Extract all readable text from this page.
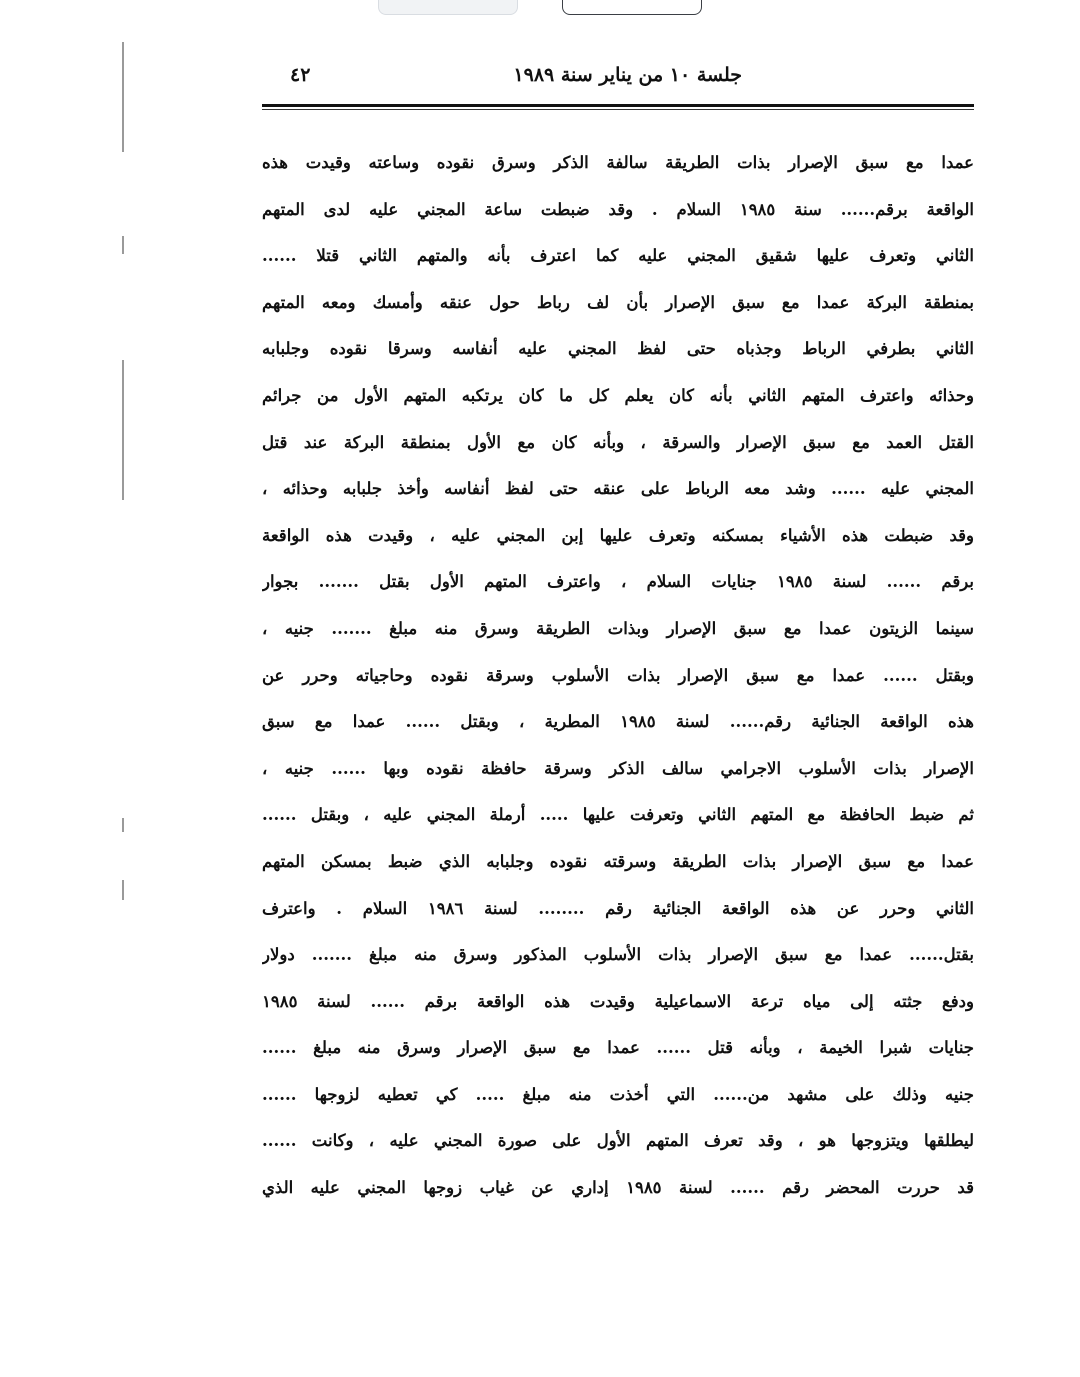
٤٢	جلسة ١٠ من يناير سنة ١٩٨٩
عمدا مع سبق الإصرار بذات الطريقة سالفة الذكر وسرق نقوده وساعته وقيدت هذه
الواقعة برقم...... سنة ١٩٨٥ السلام . وقد ضبطت ساعة المجني عليه لدى المتهم
الثاني وتعرف عليها شقيق المجني عليه كما اعترف بأنه والمتهم الثاني قتلا ......
بمنطقة البركة عمدا مع سبق الإصرار بأن لف رباط حول عنقه وأمسك ومعه المتهم
الثاني بطرفي الرباط وجذباه حتى لفظ المجني عليه أنفاسه وسرقا نقوده وجلبابه
وحذائه واعترف المتهم الثاني بأنه كان يعلم كل ما كان يرتكبه المتهم الأول من جرائم
القتل العمد مع سبق الإصرار والسرقة ، وبأنه كان مع الأول بمنطقة البركة عند قتل
المجني عليه ...... وشد معه الرباط على عنقه حتى لفظ أنفاسه وأخذ جلبابه وحذائه ،
وقد ضبطت هذه الأشياء بمسكنه وتعرف عليها إبن المجني عليه ، وقيدت هذه الواقعة
برقم ...... لسنة ١٩٨٥ جنايات السلام ، واعترف المتهم الأول بقتل ....... بجوار
سينما الزيتون عمدا مع سبق الإصرار وبذات الطريقة وسرق منه مبلغ ....... جنيه ،
وبقتل ...... عمدا مع سبق الإصرار بذات الأسلوب وسرقة نقوده وحاجياته وحرر عن
هذه الواقعة الجنائية رقم...... لسنة ١٩٨٥ المطرية ، وبقتل ...... عمدا مع سبق
الإصرار بذات الأسلوب الاجرامي سالف الذكر وسرقة حافظة نقوده وبها ...... جنيه ،
ثم ضبط الحافظة مع المتهم الثاني وتعرفت عليها ..... أرملة المجني عليه ، وبقتل ......
عمدا مع سبق الإصرار بذات الطريقة وسرقته نقوده وجلبابه الذي ضبط بمسكن المتهم
الثاني وحرر عن هذه الواقعة الجنائية رقم ........ لسنة ١٩٨٦ السلام . واعترف
بقتل...... عمدا مع سبق الإصرار بذات الأسلوب المذكور وسرق منه مبلغ ....... دولار
ودفع جثته إلى مياه ترعة الاسماعيلية وقيدت هذه الواقعة برقم ...... لسنة ١٩٨٥
جنايات شبرا الخيمة ، وبأنه قتل ...... عمدا مع سبق الإصرار وسرق منه مبلغ ......
جنيه وذلك على مشهد من...... التي أخذت منه مبلغ ..... كي تعطيه لزوجها ......
ليطلقها ويتزوجها هو ، وقد تعرف المتهم الأول على صورة المجني عليه ، وكانت ......
قد حررت المحضر رقم ...... لسنة ١٩٨٥ إداري عن غياب زوجها المجني عليه الذي
